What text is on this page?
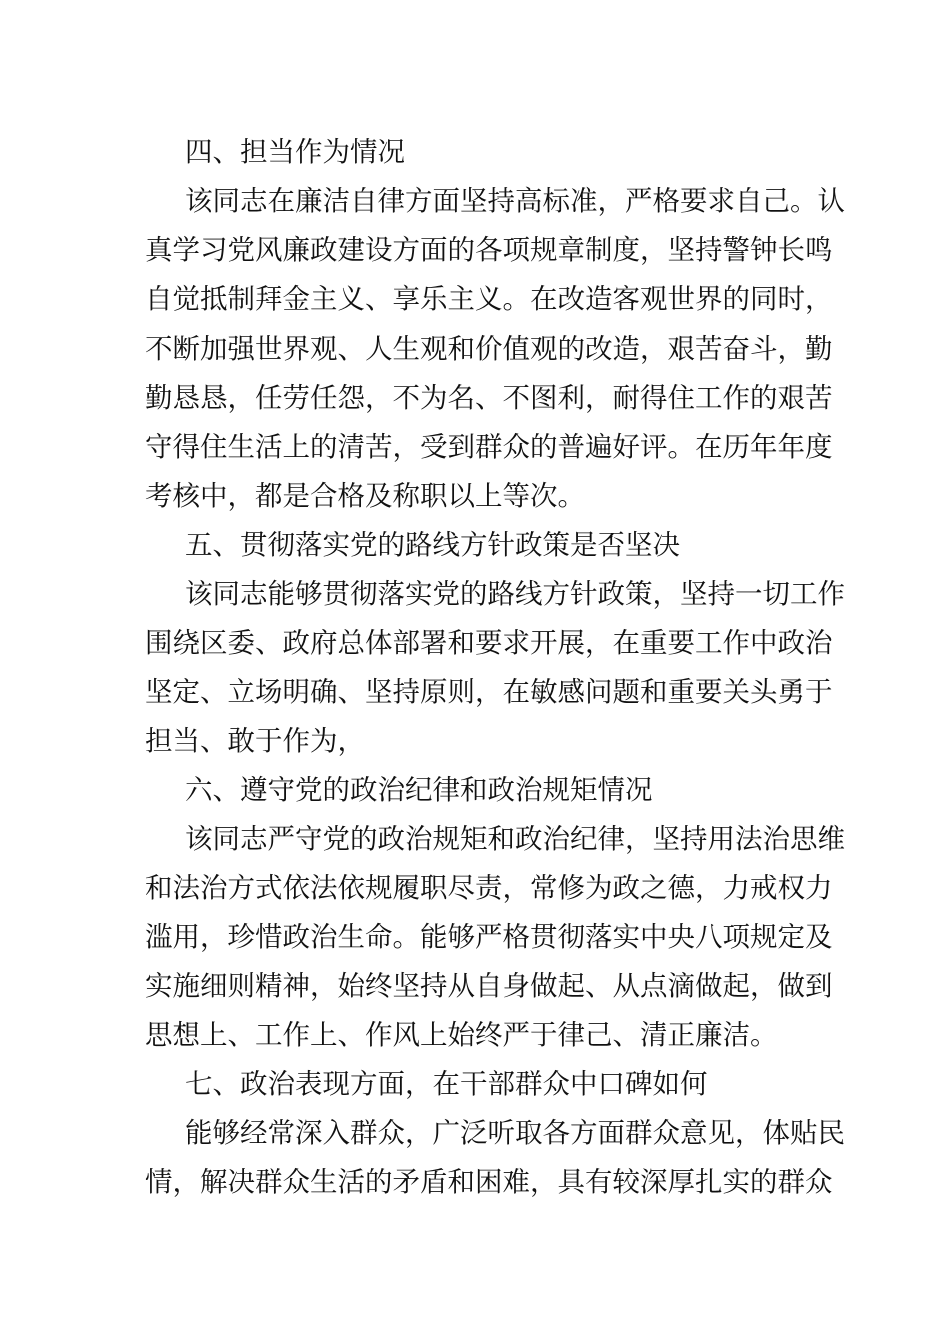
四、担当作为情况
该同志在廉洁自律方面坚持高标准，严格要求自己。认
真学习党风廉政建设方面的各项规章制度，坚持警钟长鸣
自觉抵制拜金主义、享乐主义。在改造客观世界的同时，
不断加强世界观、人生观和价值观的改造，艰苦奋斗，勤
勤恳恳，任劳任怨，不为名、不图利，耐得住工作的艰苦
守得住生活上的清苦，受到群众的普遍好评。在历年年度
考核中，都是合格及称职以上等次。
五、贯彻落实党的路线方针政策是否坚决
该同志能够贯彻落实党的路线方针政策，坚持一切工作
围绕区委、政府总体部署和要求开展，在重要工作中政治
坚定、立场明确、坚持原则，在敏感问题和重要关头勇于
担当、敢于作为，
六、遵守党的政治纪律和政治规矩情况
该同志严守党的政治规矩和政治纪律，坚持用法治思维
和法治方式依法依规履职尽责，常修为政之德，力戒权力
滥用，珍惜政治生命。能够严格贯彻落实中央八项规定及
实施细则精神，始终坚持从自身做起、从点滴做起，做到
思想上、工作上、作风上始终严于律己、清正廉洁。
七、政治表现方面，在干部群众中口碑如何
能够经常深入群众，广泛听取各方面群众意见，体贴民
情，解决群众生活的矛盾和困难，具有较深厚扎实的群众
